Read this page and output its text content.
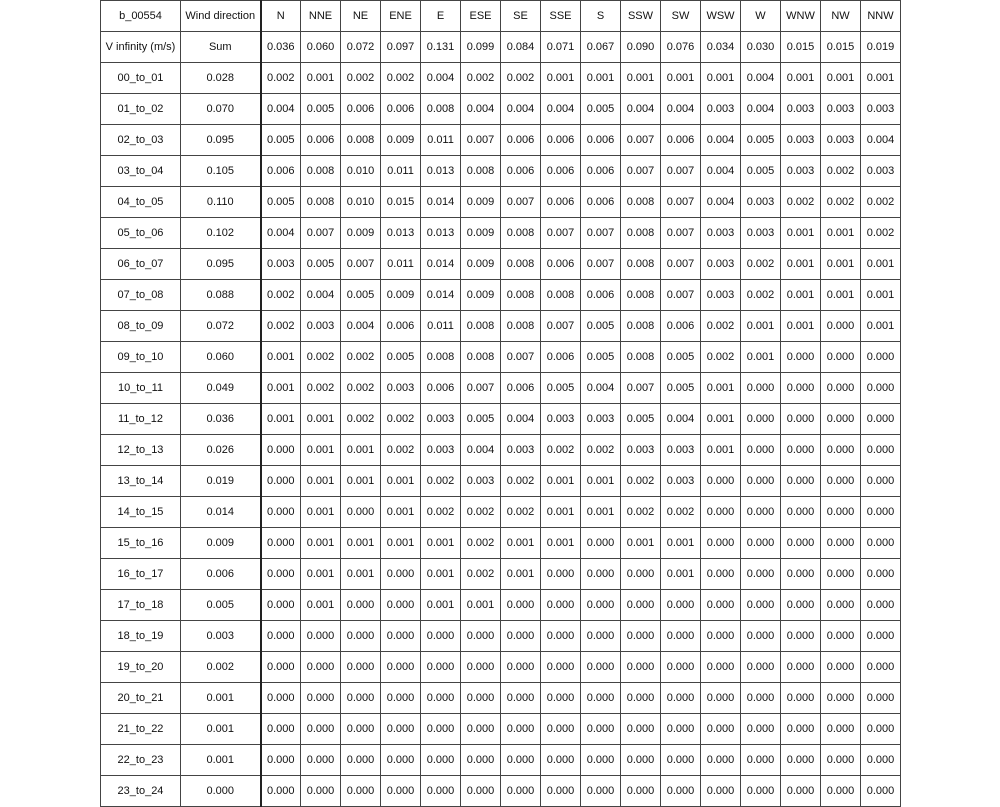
b_00554	Wind direction	N	NNE	NE	ENE	E	ESE	SE	SSE	S	SSW	SW	WSW	W	WNW	NW	NNW
V infinity (m/s)	Sum	0.036	0.060	0.072	0.097	0.131	0.099	0.084	0.071	0.067	0.090	0.076	0.034	0.030	0.015	0.015	0.019
00_to_01	0.028	0.002	0.001	0.002	0.002	0.004	0.002	0.002	0.001	0.001	0.001	0.001	0.001	0.004	0.001	0.001	0.001
01_to_02	0.070	0.004	0.005	0.006	0.006	0.008	0.004	0.004	0.004	0.005	0.004	0.004	0.003	0.004	0.003	0.003	0.003
02_to_03	0.095	0.005	0.006	0.008	0.009	0.011	0.007	0.006	0.006	0.006	0.007	0.006	0.004	0.005	0.003	0.003	0.004
03_to_04	0.105	0.006	0.008	0.010	0.011	0.013	0.008	0.006	0.006	0.006	0.007	0.007	0.004	0.005	0.003	0.002	0.003
04_to_05	0.110	0.005	0.008	0.010	0.015	0.014	0.009	0.007	0.006	0.006	0.008	0.007	0.004	0.003	0.002	0.002	0.002
05_to_06	0.102	0.004	0.007	0.009	0.013	0.013	0.009	0.008	0.007	0.007	0.008	0.007	0.003	0.003	0.001	0.001	0.002
06_to_07	0.095	0.003	0.005	0.007	0.011	0.014	0.009	0.008	0.006	0.007	0.008	0.007	0.003	0.002	0.001	0.001	0.001
07_to_08	0.088	0.002	0.004	0.005	0.009	0.014	0.009	0.008	0.008	0.006	0.008	0.007	0.003	0.002	0.001	0.001	0.001
08_to_09	0.072	0.002	0.003	0.004	0.006	0.011	0.008	0.008	0.007	0.005	0.008	0.006	0.002	0.001	0.001	0.000	0.001
09_to_10	0.060	0.001	0.002	0.002	0.005	0.008	0.008	0.007	0.006	0.005	0.008	0.005	0.002	0.001	0.000	0.000	0.000
10_to_11	0.049	0.001	0.002	0.002	0.003	0.006	0.007	0.006	0.005	0.004	0.007	0.005	0.001	0.000	0.000	0.000	0.000
11_to_12	0.036	0.001	0.001	0.002	0.002	0.003	0.005	0.004	0.003	0.003	0.005	0.004	0.001	0.000	0.000	0.000	0.000
12_to_13	0.026	0.000	0.001	0.001	0.002	0.003	0.004	0.003	0.002	0.002	0.003	0.003	0.001	0.000	0.000	0.000	0.000
13_to_14	0.019	0.000	0.001	0.001	0.001	0.002	0.003	0.002	0.001	0.001	0.002	0.003	0.000	0.000	0.000	0.000	0.000
14_to_15	0.014	0.000	0.001	0.000	0.001	0.002	0.002	0.002	0.001	0.001	0.002	0.002	0.000	0.000	0.000	0.000	0.000
15_to_16	0.009	0.000	0.001	0.001	0.001	0.001	0.002	0.001	0.001	0.000	0.001	0.001	0.000	0.000	0.000	0.000	0.000
16_to_17	0.006	0.000	0.001	0.001	0.000	0.001	0.002	0.001	0.000	0.000	0.000	0.001	0.000	0.000	0.000	0.000	0.000
17_to_18	0.005	0.000	0.001	0.000	0.000	0.001	0.001	0.000	0.000	0.000	0.000	0.000	0.000	0.000	0.000	0.000	0.000
18_to_19	0.003	0.000	0.000	0.000	0.000	0.000	0.000	0.000	0.000	0.000	0.000	0.000	0.000	0.000	0.000	0.000	0.000
19_to_20	0.002	0.000	0.000	0.000	0.000	0.000	0.000	0.000	0.000	0.000	0.000	0.000	0.000	0.000	0.000	0.000	0.000
20_to_21	0.001	0.000	0.000	0.000	0.000	0.000	0.000	0.000	0.000	0.000	0.000	0.000	0.000	0.000	0.000	0.000	0.000
21_to_22	0.001	0.000	0.000	0.000	0.000	0.000	0.000	0.000	0.000	0.000	0.000	0.000	0.000	0.000	0.000	0.000	0.000
22_to_23	0.001	0.000	0.000	0.000	0.000	0.000	0.000	0.000	0.000	0.000	0.000	0.000	0.000	0.000	0.000	0.000	0.000
23_to_24	0.000	0.000	0.000	0.000	0.000	0.000	0.000	0.000	0.000	0.000	0.000	0.000	0.000	0.000	0.000	0.000	0.000
